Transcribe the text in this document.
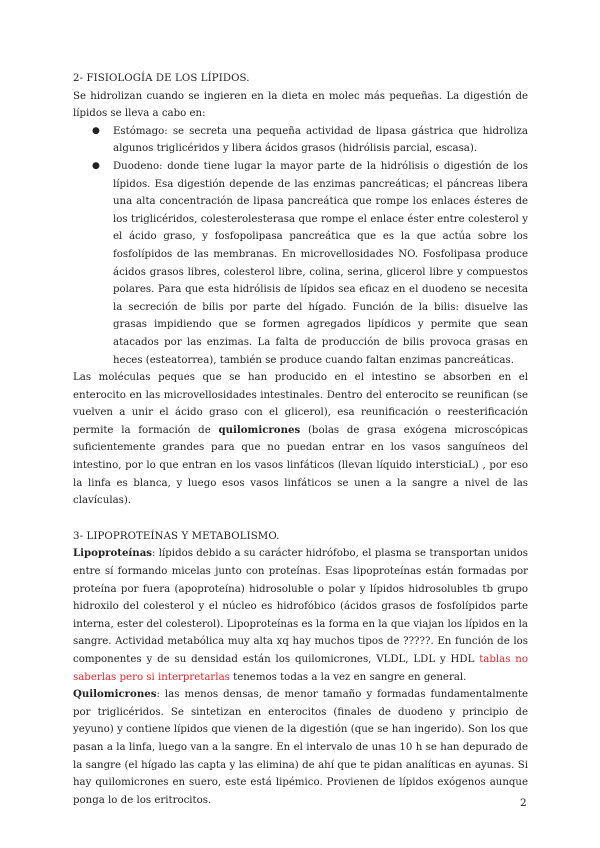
2- FISIOLOGÍA DE LOS LÍPIDOS.

Se hidrolizan cuando se ingieren en la dieta en molec más pequeñas. La digestión de lípidos se lleva a cabo en:

● Estómago: se secreta una pequeña actividad de lipasa gástrica que hidroliza algunos triglicéridos y libera ácidos grasos (hidrólisis parcial, escasa).
● Duodeno: donde tiene lugar la mayor parte de la hidrólisis o digestión de los lípidos. Esa digestión depende de las enzimas pancreáticas; el páncreas libera una alta concentración de lipasa pancreática que rompe los enlaces ésteres de los triglicéridos, colesterolesterasa que rompe el enlace éster entre colesterol y el ácido graso, y fosfopolipasa pancreática que es la que actúa sobre los fosfolípidos de las membranas. En microvellosidades NO. Fosfolipasa produce ácidos grasos libres, colesterol libre, colina, serina, glicerol libre y compuestos polares. Para que esta hidrólisis de lípidos sea eficaz en el duodeno se necesita la secreción de bilis por parte del hígado. Función de la bilis: disuelve las grasas impidiendo que se formen agregados lipídicos y permite que sean atacados por las enzimas. La falta de producción de bilis provoca grasas en heces (esteatorrea), también se produce cuando faltan enzimas pancreáticas.

Las moléculas peques que se han producido en el intestino se absorben en el enterocito en las microvellosidades intestinales. Dentro del enterocito se reunifican (se vuelven a unir el ácido graso con el glicerol), esa reunificación o reesterificación permite la formación de quilomicrones (bolas de grasa exógena microscópicas suficientemente grandes para que no puedan entrar en los vasos sanguíneos del intestino, por lo que entran en los vasos linfáticos (llevan líquido intersticiaL) , por eso la linfa es blanca, y luego esos vasos linfáticos se unen a la sangre a nivel de las clavículas).

3- LIPOPROTEÍNAS Y METABOLISMO.

Lipoproteínas: lípidos debido a su carácter hidrófobo, el plasma se transportan unidos entre sí formando micelas junto con proteínas. Esas lipoproteínas están formadas por proteína por fuera (apoproteína) hidrosoluble o polar y lípidos hidrosolubles tb grupo hidroxilo del colesterol y el núcleo es hidrofóbico (ácidos grasos de fosfolípidos parte interna, ester del colesterol). Lipoproteínas es la forma en la que viajan los lípidos en la sangre. Actividad metabólica muy alta xq hay muchos tipos de ?????. En función de los componentes y de su densidad están los quilomicrones, VLDL, LDL y HDL tablas no saberlas pero si interpretarlas tenemos todas a la vez en sangre en general.

Quilomicrones: las menos densas, de menor tamaño y formadas fundamentalmente por triglicéridos. Se sintetizan en enterocitos (finales de duodeno y principio de yeyuno) y contiene lípidos que vienen de la digestión (que se han ingerido). Son los que pasan a la linfa, luego van a la sangre. En el intervalo de unas 10 h se han depurado de la sangre (el hígado las capta y las elimina) de ahí que te pidan analíticas en ayunas. Si hay quilomicrones en suero, este está lipémico. Provienen de lípidos exógenos aunque ponga lo de los eritrocitos.	2
